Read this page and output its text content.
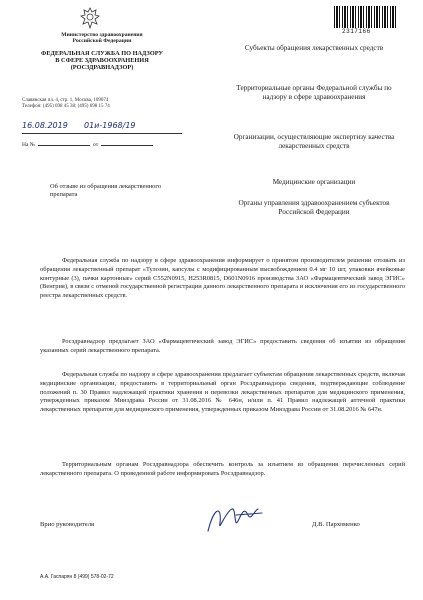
2317166
Министерство здравоохранения
Российской Федерации
ФЕДЕРАЛЬНАЯ СЛУЖБА ПО НАДЗОРУ
В СФЕРЕ ЗДРАВООХРАНЕНИЯ
(РОСЗДРАВНАДЗОР)
Славянская пл. 4, стр. 1, Москва, 109074
Телефон: (495) 698 45 38; (495) 698 15 74
16.08.2019 01и-1968/19
На №	от
Об отзыве из обращения лекарственного препарата
Субъекты обращения лекарственных средств
Территориальные органы Федеральной службы по надзору в сфере здравоохранения
Организации, осуществляющие экспертизу качества лекарственных средств
Медицинские организации
Органы управления здравоохранением субъектов Российской Федерации
Федеральная служба по надзору в сфере здравоохранения информирует о принятом производителем решении отозвать из обращения лекарственный препарат «Тулозин, капсулы с модифицированным высвобождением 0.4 мг 10 шт, упаковки ячейковые контурные (3), пачки картонные» серий C552N0915, H253R0815, D601N0916 производства ЗАО «Фармацевтический завод ЭГИС» (Венгрия), в связи с отменой государственной регистрации данного лекарственного препарата и исключения его из государственного реестра лекарственных средств.
Росздравнадзор предлагает ЗАО «Фармацевтический завод ЭГИС» предоставить сведения об изъятии из обращения указанных серий лекарственного препарата.
Федеральная служба по надзору в сфере здравоохранения предлагает субъектам обращения лекарственных средств, включая медицинские организации, предоставить в территориальный орган Росздравнадзора сведения, подтверждающие соблюдение положений п. 30 Правил надлежащей практики хранения и перевозки лекарственных препаратов для медицинского применения, утвержденных приказом Минздрава России от 31.08.2016 № 646н, и/или п. 41 Правил надлежащей аптечной практики лекарственных препаратов для медицинского применения, утвержденных приказом Минздрава России от 31.08.2016 № 647н.
Территориальным органам Росздравнадзора обеспечить контроль за изъятием из обращения перечисленных серий лекарственного препарата. О проведенной работе информировать Росздравнадзор.
Врио руководителя	Д.В. Пархоменко
А.А. Гаспарян 8 (499) 578-02-72
